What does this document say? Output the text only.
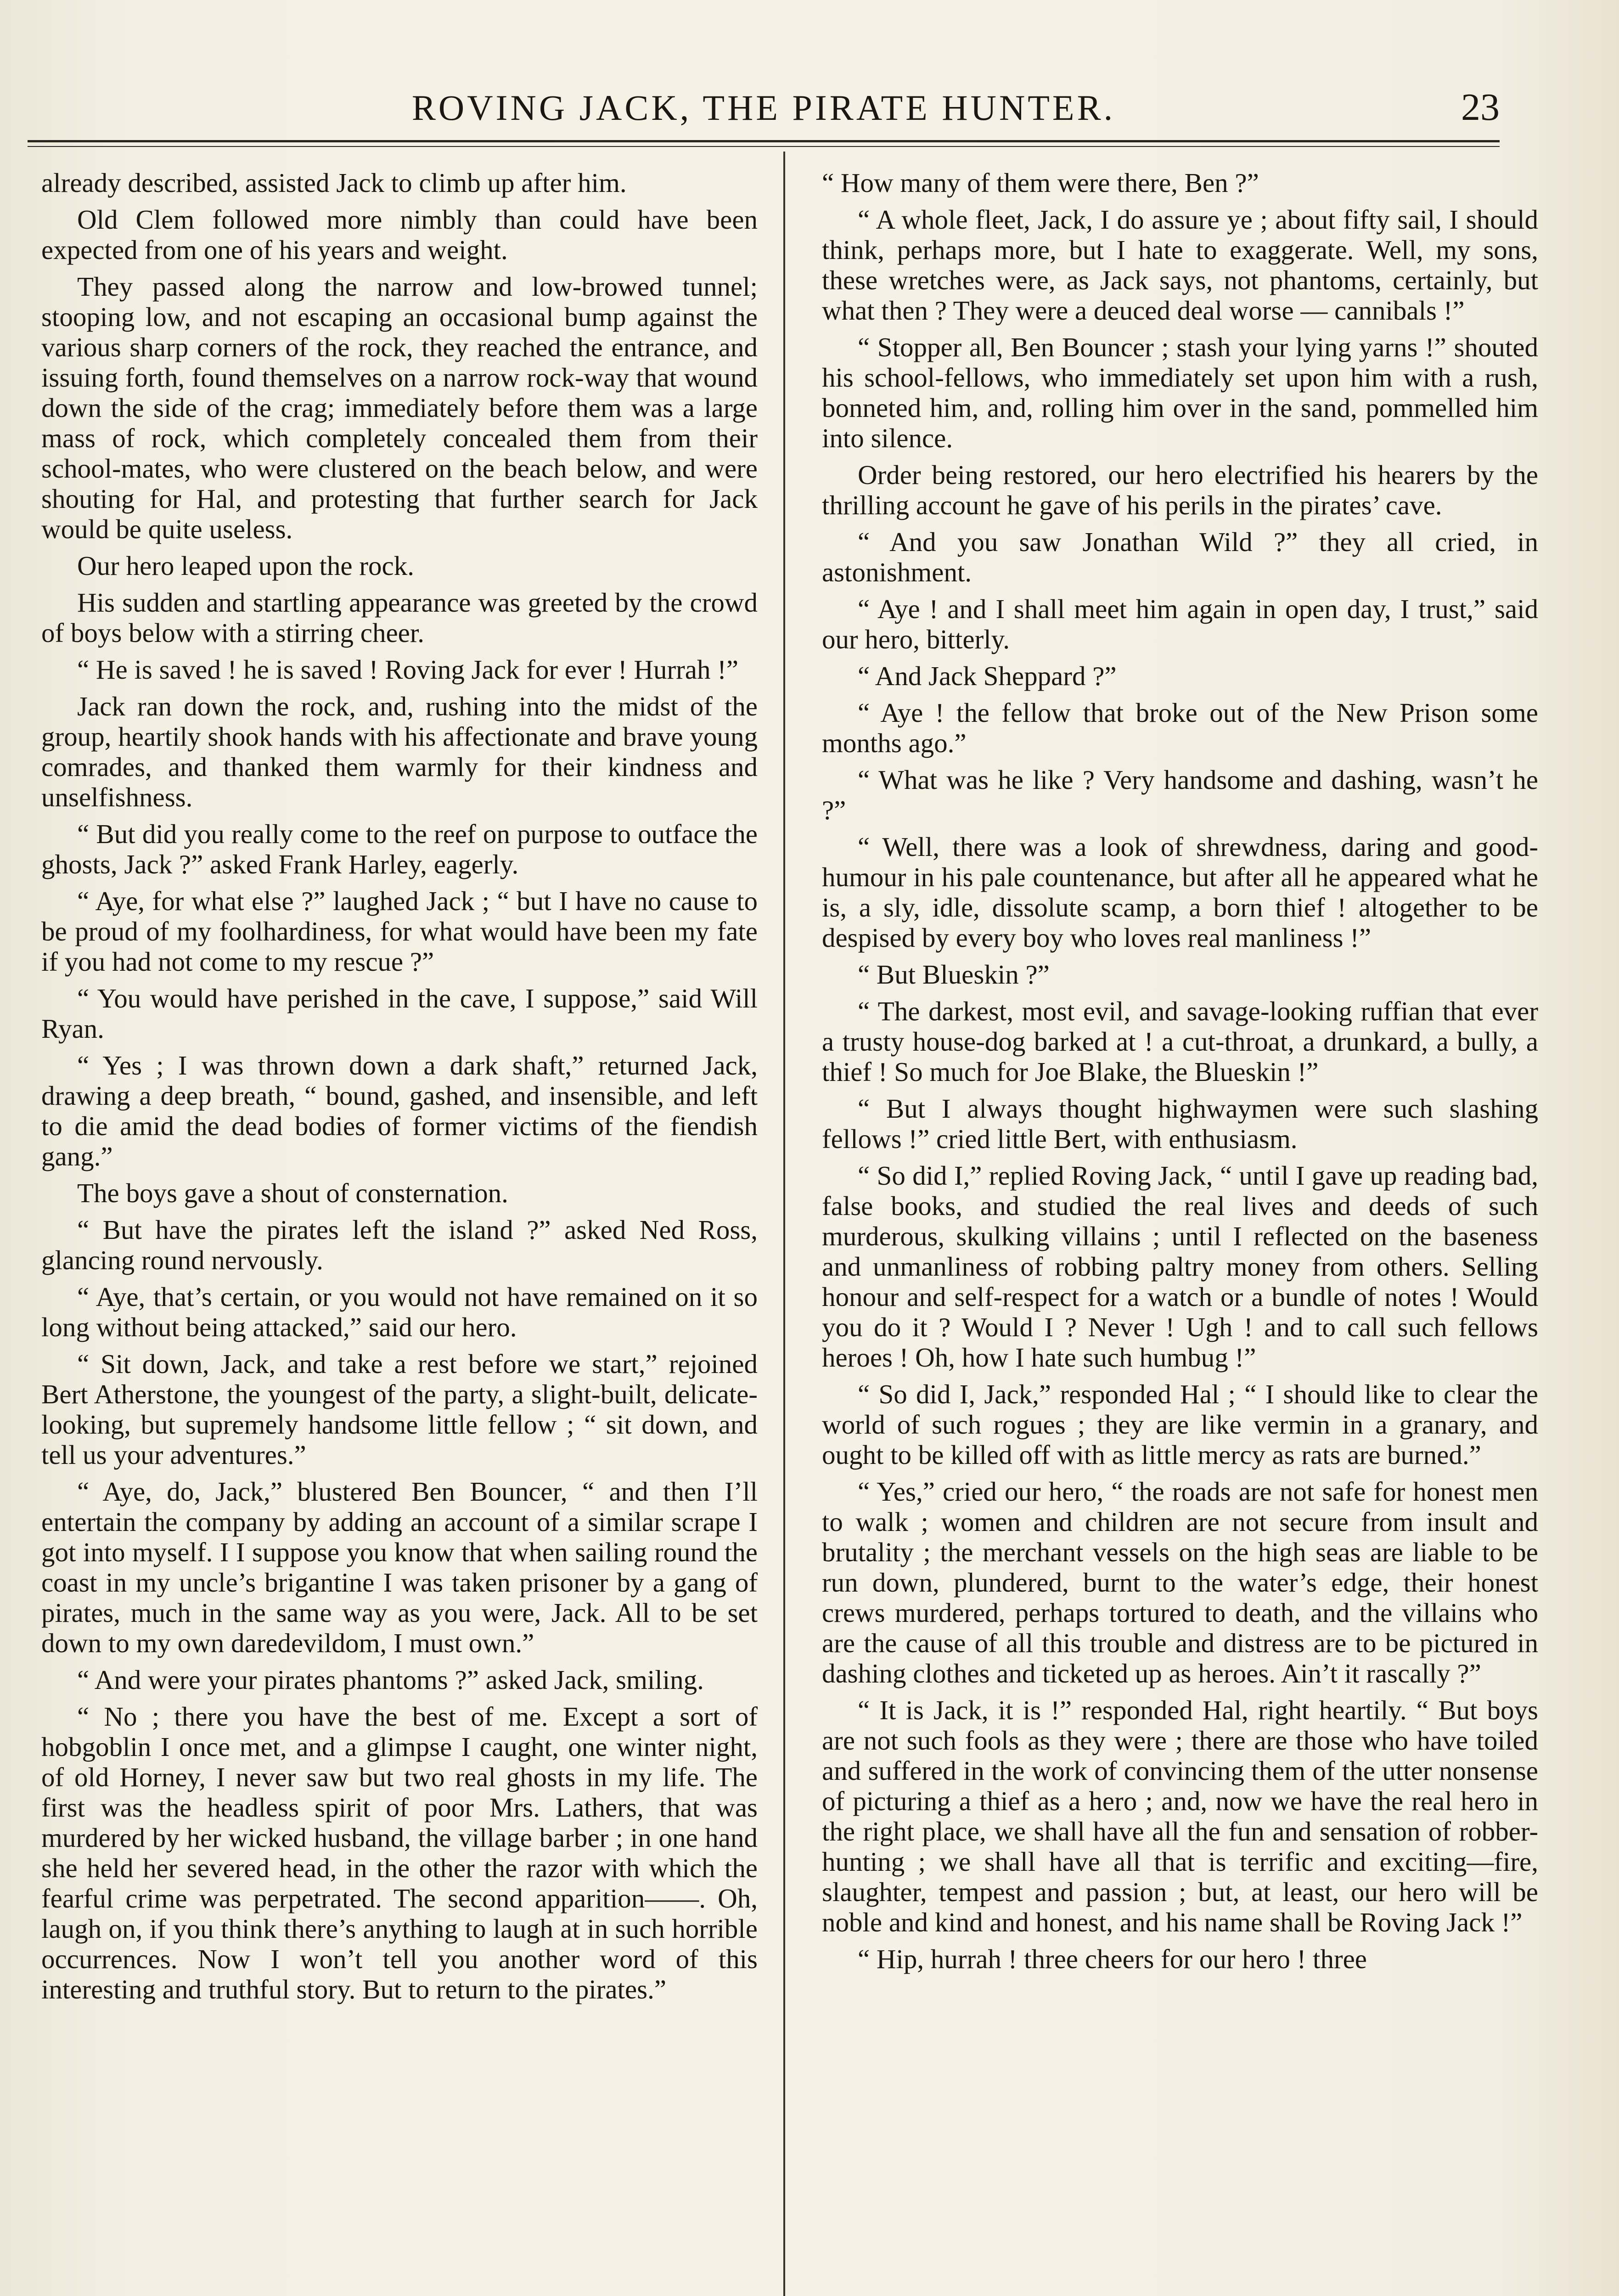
ROVING JACK, THE PIRATE HUNTER.	23

already described, assisted Jack to climb up after him.

Old Clem followed more nimbly than could have been expected from one of his years and weight.

They passed along the narrow and low-browed tunnel; stooping low, and not escaping an occasional bump against the various sharp corners of the rock, they reached the entrance, and issuing forth, found themselves on a narrow rock-way that wound down the side of the crag; immediately before them was a large mass of rock, which completely concealed them from their school-mates, who were clustered on the beach below, and were shouting for Hal, and protesting that further search for Jack would be quite useless.

Our hero leaped upon the rock.

His sudden and startling appearance was greeted by the crowd of boys below with a stirring cheer.

“ He is saved ! he is saved ! Roving Jack for ever ! Hurrah !”

Jack ran down the rock, and, rushing into the midst of the group, heartily shook hands with his affectionate and brave young comrades, and thanked them warmly for their kindness and unselfishness.

“ But did you really come to the reef on purpose to outface the ghosts, Jack ?” asked Frank Harley, eagerly.

“ Aye, for what else ?” laughed Jack ; “ but I have no cause to be proud of my foolhardiness, for what would have been my fate if you had not come to my rescue ?”

“ You would have perished in the cave, I suppose,” said Will Ryan.

“ Yes ; I was thrown down a dark shaft,” returned Jack, drawing a deep breath, “ bound, gashed, and insensible, and left to die amid the dead bodies of former victims of the fiendish gang.”

The boys gave a shout of consternation.

“ But have the pirates left the island ?” asked Ned Ross, glancing round nervously.

“ Aye, that’s certain, or you would not have remained on it so long without being attacked,” said our hero.

“ Sit down, Jack, and take a rest before we start,” rejoined Bert Atherstone, the youngest of the party, a slight-built, delicate-looking, but supremely handsome little fellow ; “ sit down, and tell us your adventures.”

“ Aye, do, Jack,” blustered Ben Bouncer, “ and then I’ll entertain the company by adding an account of a similar scrape I got into myself. I I suppose you know that when sailing round the coast in my uncle’s brigantine I was taken prisoner by a gang of pirates, much in the same way as you were, Jack. All to be set down to my own daredevildom, I must own.”

“ And were your pirates phantoms ?” asked Jack, smiling.

“ No ; there you have the best of me. Except a sort of hobgoblin I once met, and a glimpse I caught, one winter night, of old Horney, I never saw but two real ghosts in my life. The first was the headless spirit of poor Mrs. Lathers, that was murdered by her wicked husband, the village barber ; in one hand she held her severed head, in the other the razor with which the fearful crime was perpetrated. The second apparition——. Oh, laugh on, if you think there’s anything to laugh at in such horrible occurrences. Now I won’t tell you another word of this interesting and truthful story. But to return to the pirates.”

“ How many of them were there, Ben ?”

“ A whole fleet, Jack, I do assure ye ; about fifty sail, I should think, perhaps more, but I hate to exaggerate. Well, my sons, these wretches were, as Jack says, not phantoms, certainly, but what then ? They were a deuced deal worse — cannibals !”

“ Stopper all, Ben Bouncer ; stash your lying yarns !” shouted his school-fellows, who immediately set upon him with a rush, bonneted him, and, rolling him over in the sand, pommelled him into silence.

Order being restored, our hero electrified his hearers by the thrilling account he gave of his perils in the pirates’ cave.

“ And you saw Jonathan Wild ?” they all cried, in astonishment.

“ Aye ! and I shall meet him again in open day, I trust,” said our hero, bitterly.

“ And Jack Sheppard ?”

“ Aye ! the fellow that broke out of the New Prison some months ago.”

“ What was he like ? Very handsome and dashing, wasn’t he ?”

“ Well, there was a look of shrewdness, daring and good-humour in his pale countenance, but after all he appeared what he is, a sly, idle, dissolute scamp, a born thief ! altogether to be despised by every boy who loves real manliness !”

“ But Blueskin ?”

“ The darkest, most evil, and savage-looking ruffian that ever a trusty house-dog barked at ! a cut-throat, a drunkard, a bully, a thief ! So much for Joe Blake, the Blueskin !”

“ But I always thought highwaymen were such slashing fellows !” cried little Bert, with enthusiasm.

“ So did I,” replied Roving Jack, “ until I gave up reading bad, false books, and studied the real lives and deeds of such murderous, skulking villains ; until I reflected on the baseness and unmanliness of robbing paltry money from others. Selling honour and self-respect for a watch or a bundle of notes ! Would you do it ? Would I ? Never ! Ugh ! and to call such fellows heroes ! Oh, how I hate such humbug !”

“ So did I, Jack,” responded Hal ; “ I should like to clear the world of such rogues ; they are like vermin in a granary, and ought to be killed off with as little mercy as rats are burned.”

“ Yes,” cried our hero, “ the roads are not safe for honest men to walk ; women and children are not secure from insult and brutality ; the merchant vessels on the high seas are liable to be run down, plundered, burnt to the water’s edge, their honest crews murdered, perhaps tortured to death, and the villains who are the cause of all this trouble and distress are to be pictured in dashing clothes and ticketed up as heroes. Ain’t it rascally ?”

“ It is Jack, it is !” responded Hal, right heartily. “ But boys are not such fools as they were ; there are those who have toiled and suffered in the work of convincing them of the utter nonsense of picturing a thief as a hero ; and, now we have the real hero in the right place, we shall have all the fun and sensation of robber-hunting ; we shall have all that is terrific and exciting—fire, slaughter, tempest and passion ; but, at least, our hero will be noble and kind and honest, and his name shall be Roving Jack !”

“ Hip, hurrah ! three cheers for our hero ! three
